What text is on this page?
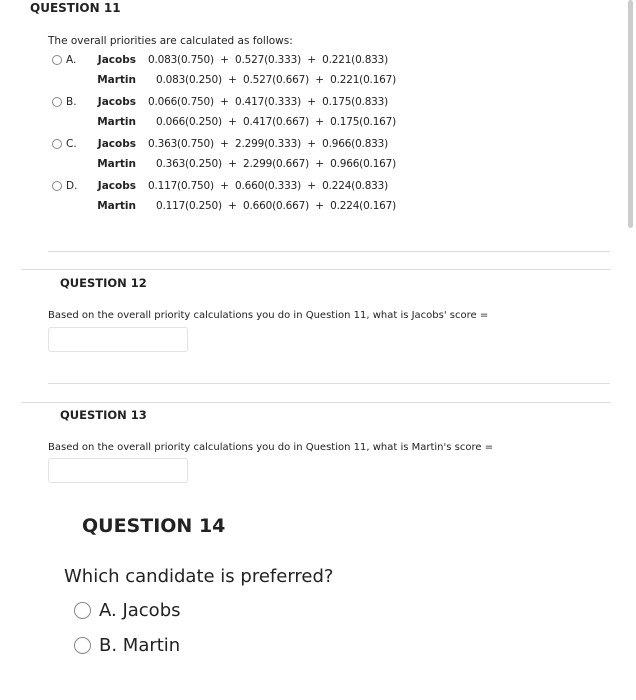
QUESTION 11
The overall priorities are calculated as follows:
A. Jacobs 0.083(0.750)  +  0.527(0.333)  +  0.221(0.833)
Martin 0.083(0.250)  +  0.527(0.667)  +  0.221(0.167)
B. Jacobs 0.066(0.750)  +  0.417(0.333)  +  0.175(0.833)
Martin 0.066(0.250)  +  0.417(0.667)  +  0.175(0.167)
C. Jacobs 0.363(0.750)  +  2.299(0.333)  +  0.966(0.833)
Martin 0.363(0.250)  +  2.299(0.667)  +  0.966(0.167)
D. Jacobs 0.117(0.750)  +  0.660(0.333)  +  0.224(0.833)
Martin 0.117(0.250)  +  0.660(0.667)  +  0.224(0.167)
QUESTION 12
Based on the overall priority calculations you do in Question 11, what is Jacobs' score =
QUESTION 13
Based on the overall priority calculations you do in Question 11, what is Martin's score =
QUESTION 14
Which candidate is preferred?
A. Jacobs
B. Martin
